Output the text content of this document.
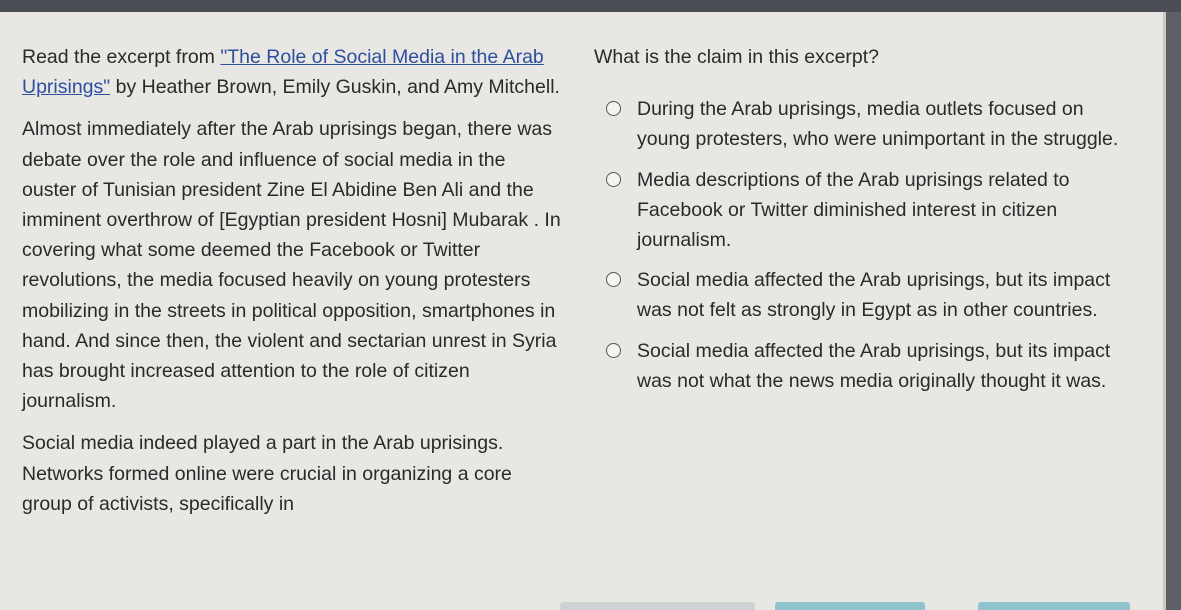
Read the excerpt from "The Role of Social Media in the Arab Uprisings" by Heather Brown, Emily Guskin, and Amy Mitchell.

Almost immediately after the Arab uprisings began, there was debate over the role and influence of social media in the ouster of Tunisian president Zine El Abidine Ben Ali and the imminent overthrow of [Egyptian president Hosni] Mubarak . In covering what some deemed the Facebook or Twitter revolutions, the media focused heavily on young protesters mobilizing in the streets in political opposition, smartphones in hand. And since then, the violent and sectarian unrest in Syria has brought increased attention to the role of citizen journalism.

Social media indeed played a part in the Arab uprisings. Networks formed online were crucial in organizing a core group of activists, specifically in

What is the claim in this excerpt?
During the Arab uprisings, media outlets focused on young protesters, who were unimportant in the struggle.
Media descriptions of the Arab uprisings related to Facebook or Twitter diminished interest in citizen journalism.
Social media affected the Arab uprisings, but its impact was not felt as strongly in Egypt as in other countries.
Social media affected the Arab uprisings, but its impact was not what the news media originally thought it was.
